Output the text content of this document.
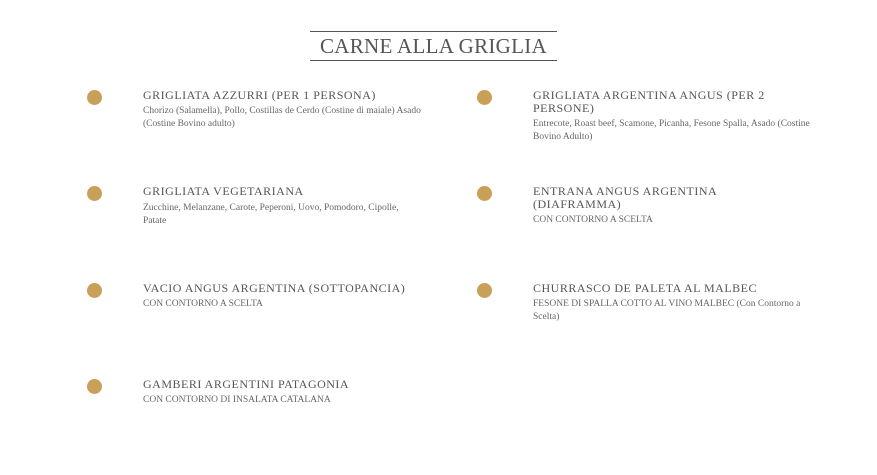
CARNE ALLA GRIGLIA
GRIGLIATA AZZURRI (PER 1 PERSONA)
Chorizo (Salamella), Pollo, Costillas de Cerdo (Costine di maiale) Asado (Costine Bovino adulto)
GRIGLIATA ARGENTINA ANGUS (PER 2 PERSONE)
Entrecote, Roast beef, Scamone, Picanha, Fesone Spalla, Asado (Costine Bovino Adulto)
GRIGLIATA VEGETARIANA
Zucchine, Melanzane, Carote, Peperoni, Uovo, Pomodoro, Cipolle, Patate
ENTRANA ANGUS ARGENTINA (DIAFRAMMA)
CON CONTORNO A SCELTA
VACIO ANGUS ARGENTINA (SOTTOPANCIA)
CON CONTORNO A SCELTA
CHURRASCO DE PALETA AL MALBEC
FESONE DI SPALLA COTTO AL VINO MALBEC (Con Contorno a Scelta)
GAMBERI ARGENTINI PATAGONIA
CON CONTORNO DI INSALATA CATALANA
